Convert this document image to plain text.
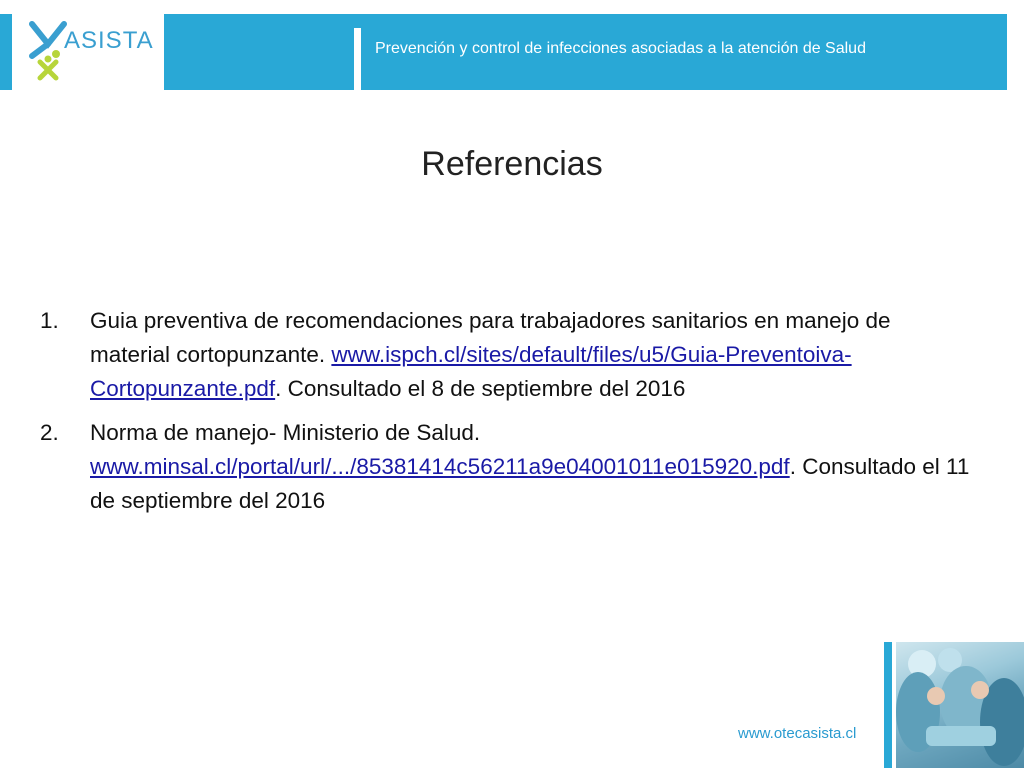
ASISTA	Prevención y control de infecciones asociadas a la atención de Salud
Referencias
1. Guia preventiva de recomendaciones para trabajadores sanitarios en manejo de material cortopunzante. www.ispch.cl/sites/default/files/u5/Guia-Preventoiva-Cortopunzante.pdf. Consultado el 8 de septiembre del 2016
2. Norma de manejo- Ministerio de Salud. www.minsal.cl/portal/url/.../85381414c56211a9e04001011e015920.pdf. Consultado el 11 de septiembre del 2016
www.otecasista.cl
